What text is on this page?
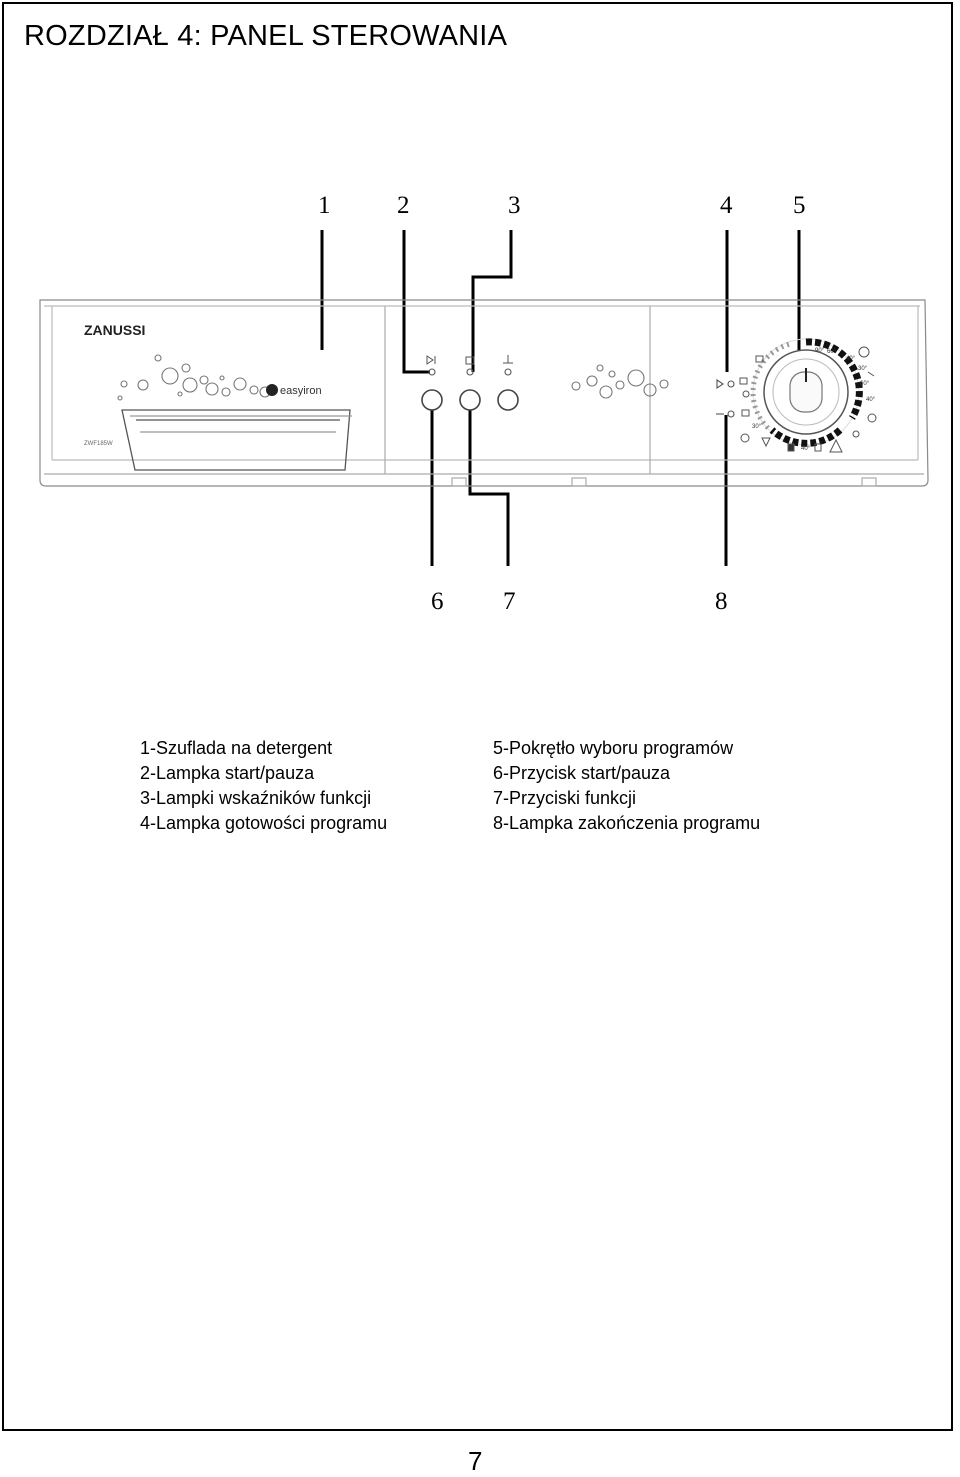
ROZDZIAŁ 4: PANEL STEROWANIA
1	2	3	4 5
6 7	8
ZANUSSI
ZWF185W
easyiron
90° 60°
40°
30°
60°
40°
30°
40°
1-Szuflada na detergent
2-Lampka start/pauza
3-Lampki wskaźników funkcji
4-Lampka gotowości programu
5-Pokrętło wyboru programów
6-Przycisk start/pauza
7-Przyciski funkcji
8-Lampka zakończenia programu
7
